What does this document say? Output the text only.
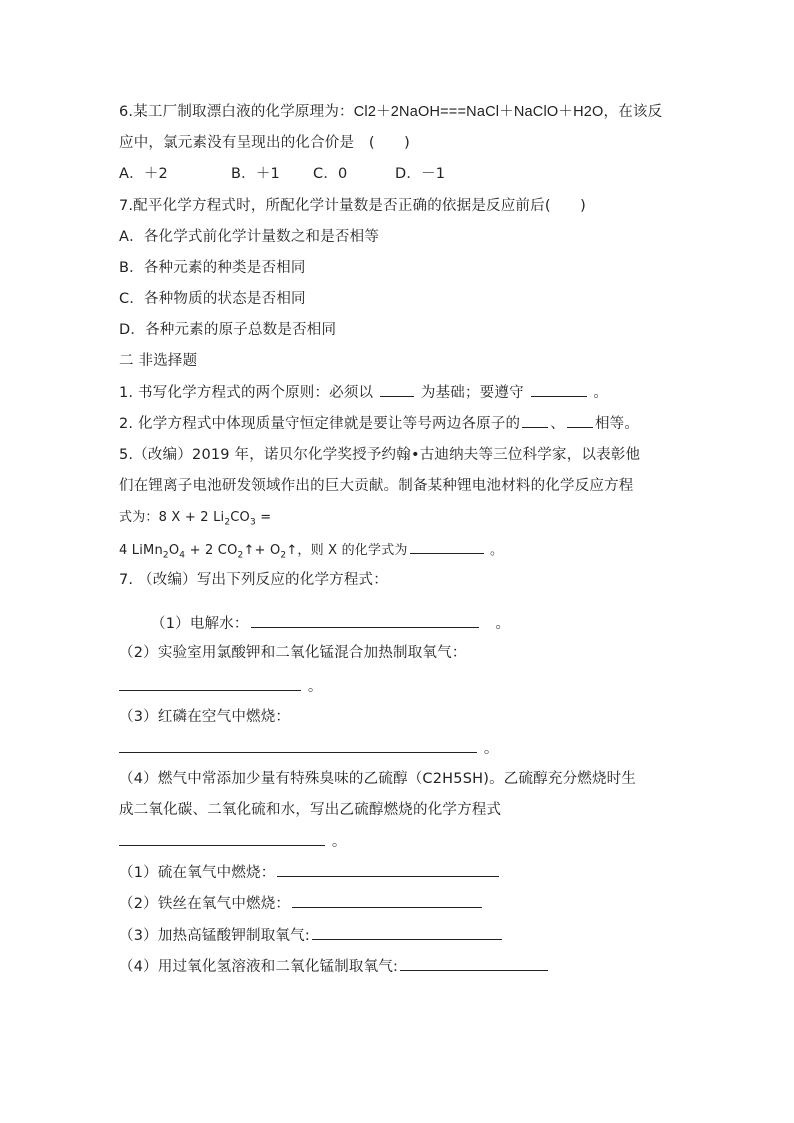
6.某工厂制取漂白液的化学原理为：Cl2＋2NaOH===NaCl＋NaClO＋H2O，在该反
应中，氯元素没有呈现出的化合价是　(　　)
A．＋2	B．＋1 C．0	D．－1
7.配平化学方程式时，所配化学计量数是否正确的依据是反应前后(　　)
A．各化学式前化学计量数之和是否相等
B．各种元素的种类是否相同
C．各种物质的状态是否相同
D．各种元素的原子总数是否相同
二 非选择题
1. 书写化学方程式的两个原则：必须以	为基础；要遵守	。
2. 化学方程式中体现质量守恒定律就是要让等号两边各原子的 、 相等。
5.（改编）2019 年，诺贝尔化学奖授予约翰•古迪纳夫等三位科学家，以表彰他
们在锂离子电池研发领域作出的巨大贡献。制备某种锂电池材料的化学反应方程
式为：8 X + 2 $Li_2CO_3$ =
4 $LiMn_2O_4 + 2$ $CO_2↑+$ $O_2↑$，则 X 的化学式为	。
7. （改编）写出下列反应的化学方程式：
（1）电解水：	。
（2）实验室用氯酸钾和二氧化锰混合加热制取氧气：
。
（3）红磷在空气中燃烧：
。
（4）燃气中常添加少量有特殊臭味的乙硫醇（C2H5SH)。乙硫醇充分燃烧时生
成二氧化碳、二氧化硫和水，写出乙硫醇燃烧的化学方程式
。
（1）硫在氧气中燃烧：
（2）铁丝在氧气中燃烧：
（3）加热高锰酸钾制取氧气:
（4）用过氧化氢溶液和二氧化锰制取氧气:
